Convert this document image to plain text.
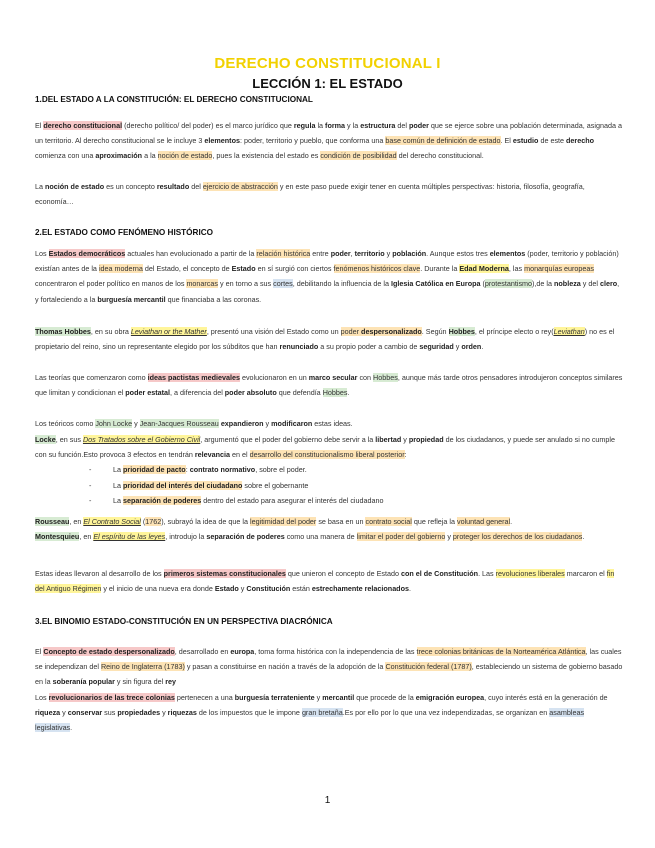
DERECHO CONSTITUCIONAL I
LECCIÓN 1: EL ESTADO
1.DEL ESTADO A LA CONSTITUCIÓN: EL DERECHO CONSTITUCIONAL
El derecho constitucional (derecho político/ del poder) es el marco jurídico que regula la forma y la estructura del poder que se ejerce sobre una población determinada, asignada a un territorio. Al derecho constitucional se le incluye 3 elementos: poder, territorio y pueblo, que conforma una base común de definición de estado. El estudio de este derecho comienza con una aproximación a la noción de estado, pues la existencia del estado es condición de posibilidad del derecho constitucional.
La noción de estado es un concepto resultado del ejercicio de abstracción y en este paso puede exigir tener en cuenta múltiples perspectivas: historia, filosofía, geografía, economía…
2.EL ESTADO COMO FENÓMENO HISTÓRICO
Los Estados democráticos actuales han evolucionado a partir de la relación histórica entre poder, territorio y población. Aunque estos tres elementos (poder, territorio y población) existían antes de la idea moderna del Estado, el concepto de Estado en sí surgió con ciertos fenómenos históricos clave. Durante la Edad Moderna, las monarquías europeas concentraron el poder político en manos de los monarcas y en torno a sus cortes, debilitando la influencia de la Iglesia Católica en Europa (protestantismo),de la nobleza y del clero, y fortaleciendo a la burguesía mercantil que financiaba a las coronas.
Thomas Hobbes, en su obra Leviathan or the Mather, presentó una visión del Estado como un poder despersonalizado. Según Hobbes, el príncipe electo o rey(Leviathan) no es el propietario del reino, sino un representante elegido por los súbditos que han renunciado a su propio poder a cambio de seguridad y orden.
Las teorías que comenzaron como ideas pactistas medievales evolucionaron en un marco secular con Hobbes, aunque más tarde otros pensadores introdujeron conceptos similares que limitan y condicionan el poder estatal, a diferencia del poder absoluto que defendía Hobbes.
Los teóricos como John Locke y Jean-Jacques Rousseau expandieron y modificaron estas ideas.
Locke, en sus Dos Tratados sobre el Gobierno Civil, argumentó que el poder del gobierno debe servir a la libertad y propiedad de los ciudadanos, y puede ser anulado si no cumple con su función.Esto provoca 3 efectos en tendrán relevancia en el desarrollo del constitucionalismo liberal posterior:
- La prioridad de pacto: contrato normativo, sobre el poder.
- La prioridad del interés del ciudadano sobre el gobernante
- La separación de poderes dentro del estado para asegurar el interés del ciudadano
Rousseau, en El Contrato Social (1762), subrayó la idea de que la legitimidad del poder se basa en un contrato social que refleja la voluntad general.
Montesquieu, en El espíritu de las leyes, introdujo la separación de poderes como una manera de limitar el poder del gobierno y proteger los derechos de los ciudadanos.
Estas ideas llevaron al desarrollo de los primeros sistemas constitucionales que unieron el concepto de Estado con el de Constitución. Las revoluciones liberales marcaron el fin del Antiguo Régimen y el inicio de una nueva era donde Estado y Constitución están estrechamente relacionados.
3.EL BINOMIO ESTADO-CONSTITUCIÓN EN UN PERSPECTIVA DIACRÓNICA
El Concepto de estado despersonalizado, desarrollado en europa, toma forma histórica con la independencia de las trece colonias británicas de la Norteamérica Atlántica, las cuales se independizan del Reino de Inglaterra (1783) y pasan a constituirse en nación a través de la adopción de la Constitución federal (1787), estableciendo un sistema de gobierno basado en la soberanía popular y sin figura del rey
Los revolucionarios de las trece colonias pertenecen a una burguesía terrateniente y mercantil que procede de la emigración europea, cuyo interés está en la generación de riqueza y conservar sus propiedades y riquezas de los impuestos que le impone gran bretaña.Es por ello por lo que una vez independizadas, se organizan en asambleas legislativas.
1
